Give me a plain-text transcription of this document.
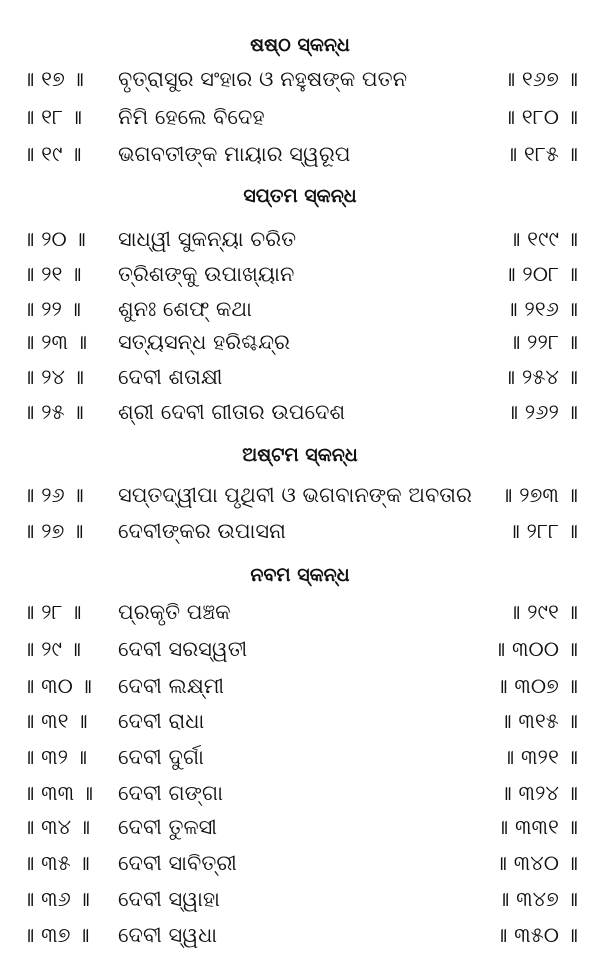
ଷଷ୍ଠ ସ୍କନ୍ଧ
॥ ୧୭ ॥ ବୃତ୍ରାସୁର ସଂହାର ଓ ନହୁଷଙ୍କ ପତନ	॥ ୧୬୭ ॥
॥ ୧୮ ॥ ନିମି ହେଲେ ବିଦେହ	॥ ୧୮୦ ॥
॥ ୧୯ ॥ ଭଗବତୀଙ୍କ ମାୟାର ସ୍ୱରୂପ	॥ ୧୮୫ ॥
ସପ୍ତମ ସ୍କନ୍ଧ
॥ ୨୦ ॥ ସାଧ୍ୱୀ ସୁକନ୍ୟା ଚରିତ	॥ ୧୯୯ ॥
॥ ୨୧ ॥ ତ୍ରିଶଙ୍କୁ ଉପାଖ୍ୟାନ	॥ ୨୦୮ ॥
॥ ୨୨ ॥ ଶୁନଃ ଶେଫ୍ କଥା	॥ ୨୧୬ ॥
॥ ୨୩ ॥ ସତ୍ୟସନ୍ଧ ହରିଶ୍ଚନ୍ଦ୍ର	॥ ୨୨୮ ॥
॥ ୨୪ ॥ ଦେବୀ ଶତାକ୍ଷୀ	॥ ୨୫୪ ॥
॥ ୨୫ ॥ ଶ୍ରୀ ଦେବୀ ଗୀତାର ଉପଦେଶ	॥ ୨୬୨ ॥
ଅଷ୍ଟମ ସ୍କନ୍ଧ
॥ ୨୬ ॥ ସପ୍ତଦ୍ୱୀପା ପୃଥିବୀ ଓ ଭଗବାନଙ୍କ ଅବତାର ॥ ୨୭୩ ॥
॥ ୨୭ ॥ ଦେବୀଙ୍କର ଉପାସନା	॥ ୨୮୮ ॥
ନବମ ସ୍କନ୍ଧ
॥ ୨୮ ॥ ପ୍ରକୃତି ପଞ୍ଚକ	॥ ୨୯୧ ॥
॥ ୨୯ ॥ ଦେବୀ ସରସ୍ୱତୀ	॥ ୩୦୦ ॥
॥ ୩୦ ॥ ଦେବୀ ଲକ୍ଷ୍ମୀ	॥ ୩୦୭ ॥
॥ ୩୧ ॥ ଦେବୀ ରାଧା	॥ ୩୧୫ ॥
॥ ୩୨ ॥ ଦେବୀ ଦୁର୍ଗା	॥ ୩୨୧ ॥
॥ ୩୩ ॥ ଦେବୀ ଗଙ୍ଗା	॥ ୩୨୪ ॥
॥ ୩୪ ॥ ଦେବୀ ତୁଳସୀ	॥ ୩୩୧ ॥
॥ ୩୫ ॥ ଦେବୀ ସାବିତ୍ରୀ	॥ ୩୪୦ ॥
॥ ୩୬ ॥ ଦେବୀ ସ୍ୱାହା	॥ ୩୪୭ ॥
॥ ୩୭ ॥ ଦେବୀ ସ୍ୱଧା	॥ ୩୫୦ ॥
